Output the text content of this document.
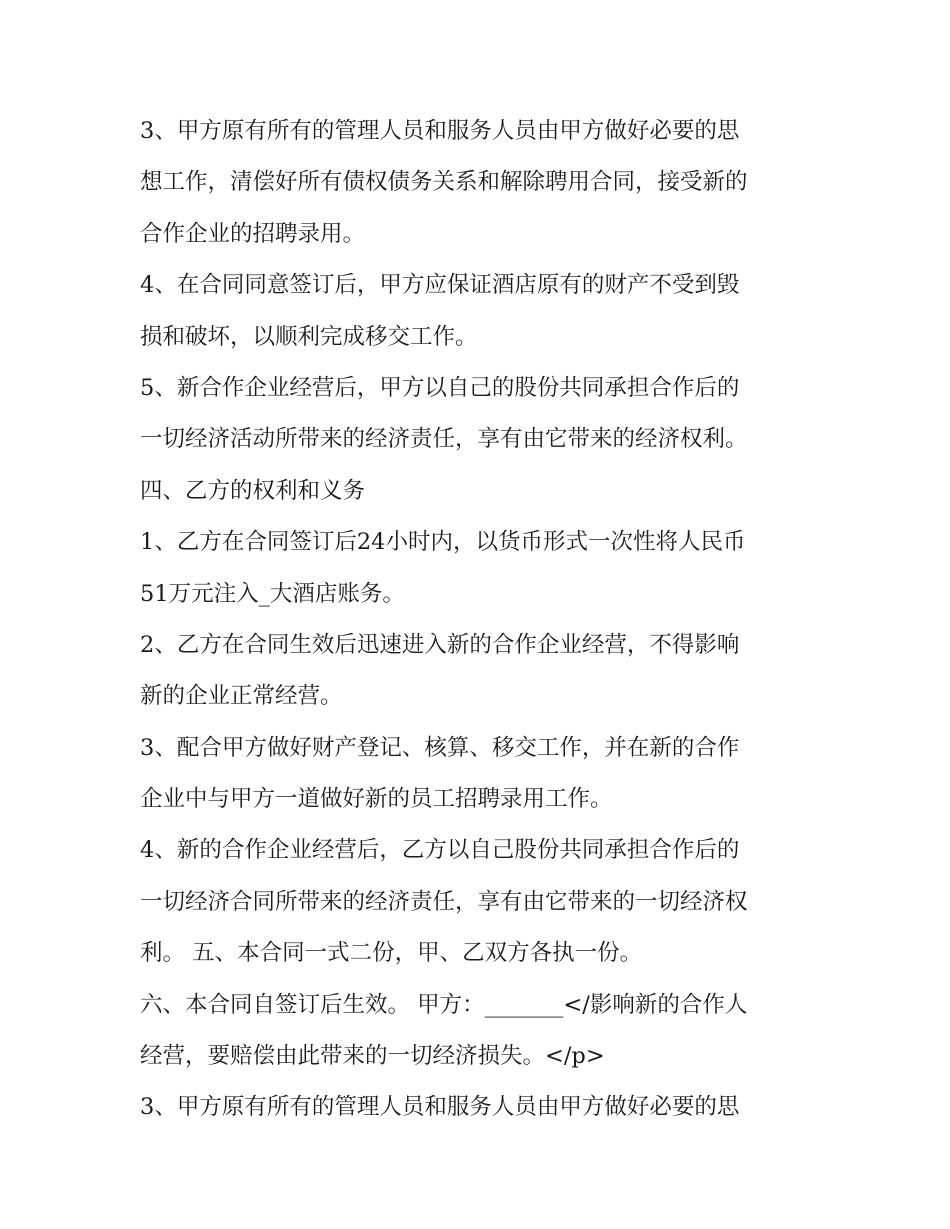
3、甲方原有所有的管理人员和服务人员由甲方做好必要的思
想工作，清偿好所有债权债务关系和解除聘用合同，接受新的
合作企业的招聘录用。
4、在合同同意签订后，甲方应保证酒店原有的财产不受到毁
损和破坏，以顺利完成移交工作。
5、新合作企业经营后，甲方以自己的股份共同承担合作后的
一切经济活动所带来的经济责任，享有由它带来的经济权利。
四、乙方的权利和义务
1、乙方在合同签订后24小时内，以货币形式一次性将人民币
51万元注入_大酒店账务。
2、乙方在合同生效后迅速进入新的合作企业经营，不得影响
新的企业正常经营。
3、配合甲方做好财产登记、核算、移交工作，并在新的合作
企业中与甲方一道做好新的员工招聘录用工作。
4、新的合作企业经营后，乙方以自己股份共同承担合作后的
一切经济合同所带来的经济责任，享有由它带来的一切经济权
利。 五、本合同一式二份，甲、乙双方各执一份。
六、本合同自签订后生效。 甲方：_______</影响新的合作人
经营，要赔偿由此带来的一切经济损失。</p>
3、甲方原有所有的管理人员和服务人员由甲方做好必要的思
